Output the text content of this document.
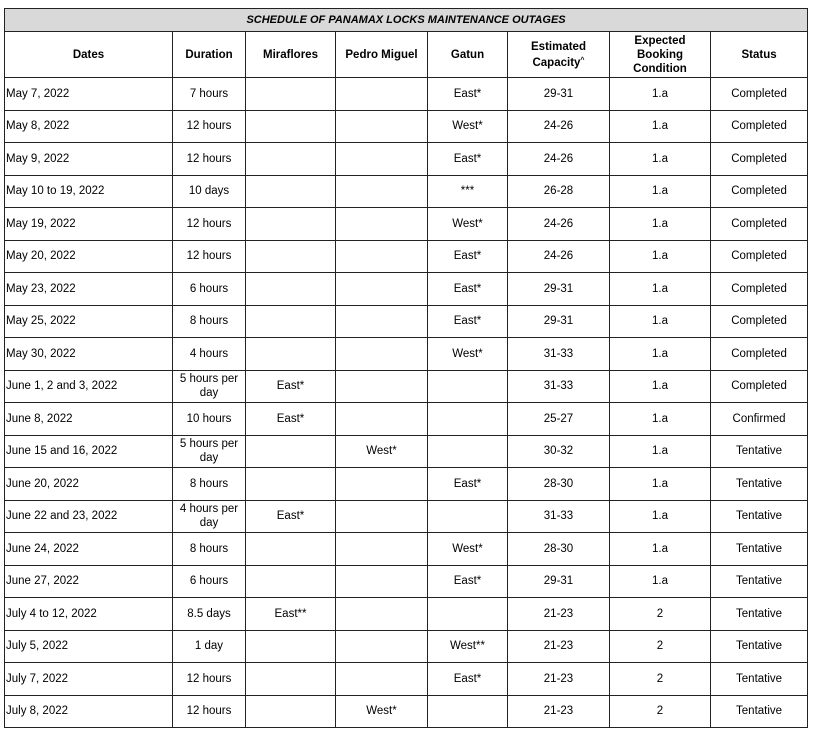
SCHEDULE OF PANAMAX LOCKS MAINTENANCE OUTAGES							
Dates	Duration	Miraflores	Pedro Miguel	Gatun	Estimated Capacity^	Expected Booking Condition	Status
May 7, 2022	7 hours			East*	29-31	1.a	Completed
May 8, 2022	12 hours			West*	24-26	1.a	Completed
May 9, 2022	12 hours			East*	24-26	1.a	Completed
May 10 to 19, 2022	10 days			***	26-28	1.a	Completed
May 19, 2022	12 hours			West*	24-26	1.a	Completed
May 20, 2022	12 hours			East*	24-26	1.a	Completed
May 23, 2022	6 hours			East*	29-31	1.a	Completed
May 25, 2022	8 hours			East*	29-31	1.a	Completed
May 30, 2022	4 hours			West*	31-33	1.a	Completed
June 1, 2 and 3, 2022	5 hours per day	East*			31-33	1.a	Completed
June 8, 2022	10 hours	East*			25-27	1.a	Confirmed
June 15 and 16, 2022	5 hours per day		West*		30-32	1.a	Tentative
June 20, 2022	8 hours			East*	28-30	1.a	Tentative
June 22 and 23, 2022	4 hours per day	East*			31-33	1.a	Tentative
June 24, 2022	8 hours			West*	28-30	1.a	Tentative
June 27, 2022	6 hours			East*	29-31	1.a	Tentative
July 4 to 12, 2022	8.5 days	East**			21-23	2	Tentative
July 5, 2022	1 day			West**	21-23	2	Tentative
July 7, 2022	12 hours			East*	21-23	2	Tentative
July 8, 2022	12 hours		West*		21-23	2	Tentative
